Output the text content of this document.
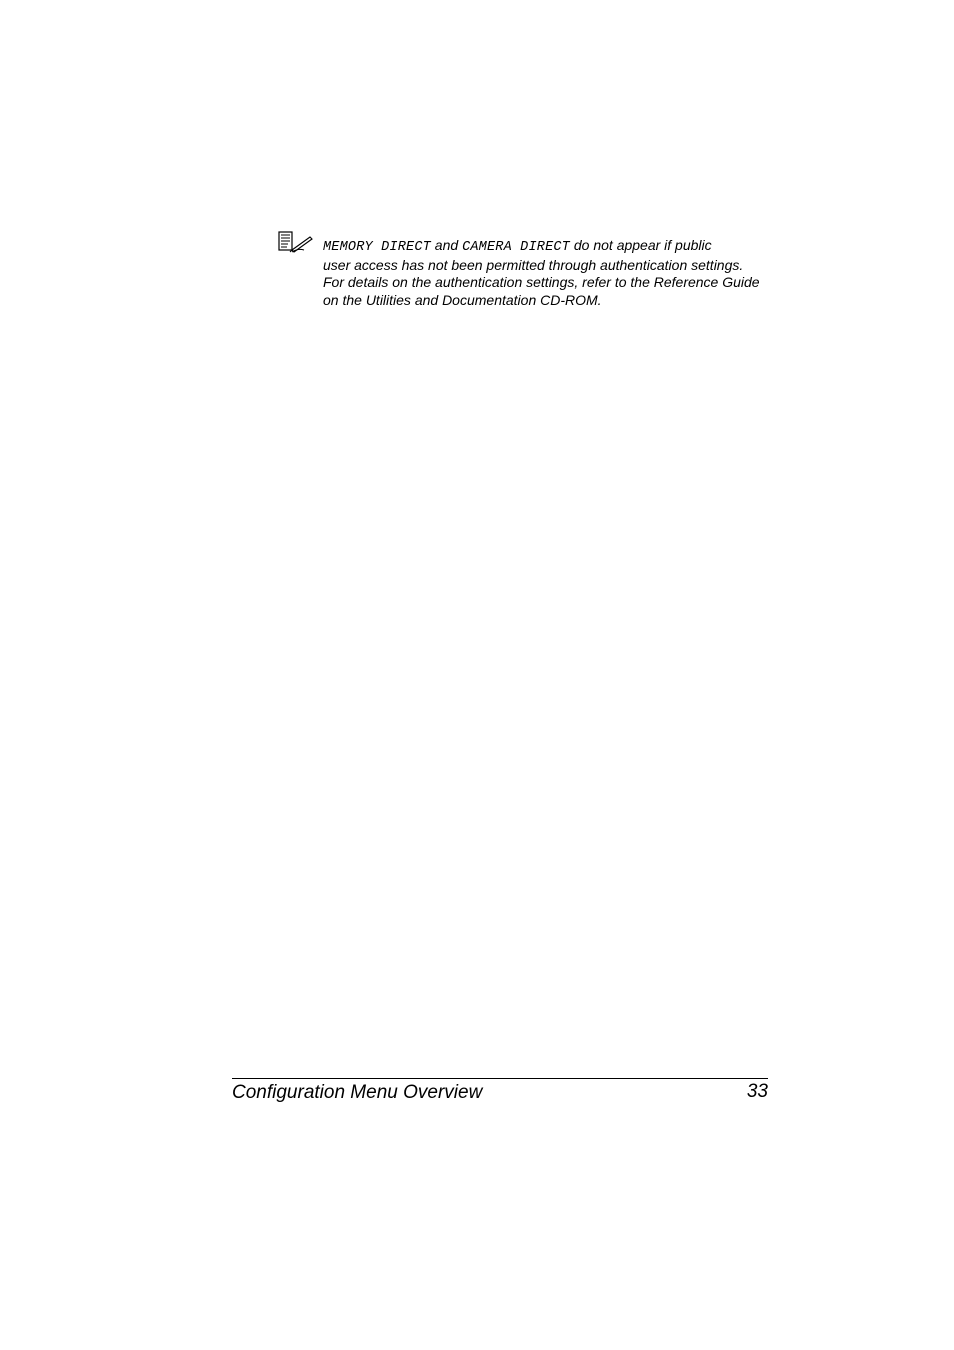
MEMORY DIRECT and CAMERA DIRECT do not appear if public
user access has not been permitted through authentication settings.
For details on the authentication settings, refer to the Reference Guide
on the Utilities and Documentation CD-ROM.
Configuration Menu Overview	33
